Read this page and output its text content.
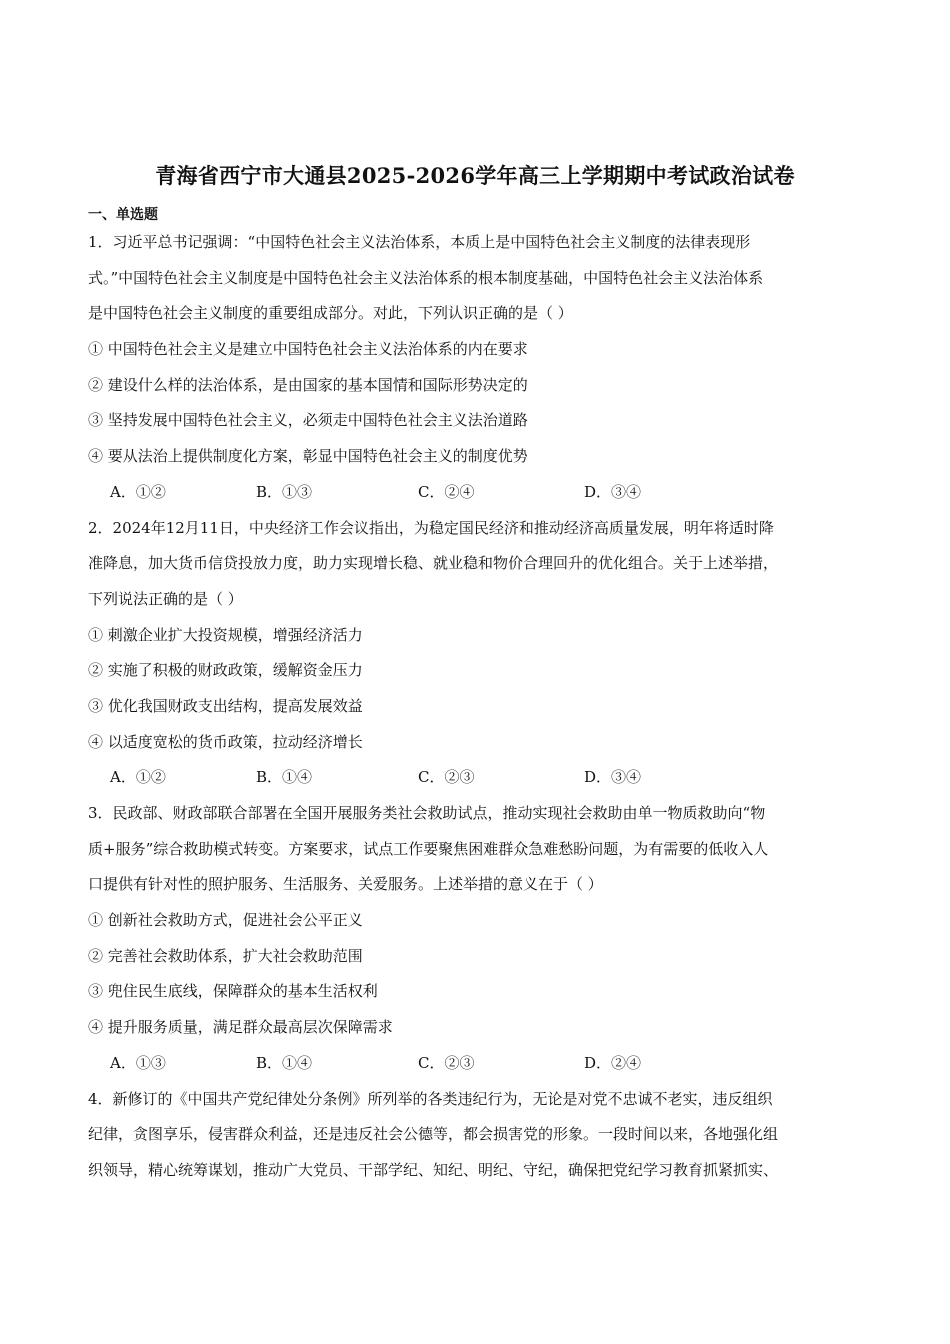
青海省西宁市大通县2025-2026学年高三上学期期中考试政治试卷
一、单选题
1．习近平总书记强调：“中国特色社会主义法治体系，本质上是中国特色社会主义制度的法律表现形
式。”中国特色社会主义制度是中国特色社会主义法治体系的根本制度基础，中国特色社会主义法治体系
是中国特色社会主义制度的重要组成部分。对此，下列认识正确的是（ ）
① 中国特色社会主义是建立中国特色社会主义法治体系的内在要求
② 建设什么样的法治体系，是由国家的基本国情和国际形势决定的
③ 坚持发展中国特色社会主义，必须走中国特色社会主义法治道路
④ 要从法治上提供制度化方案，彰显中国特色社会主义的制度优势
A．①②	B．①③	C．②④	D．③④
2．2024年12月11日，中央经济工作会议指出，为稳定国民经济和推动经济高质量发展，明年将适时降
准降息，加大货币信贷投放力度，助力实现增长稳、就业稳和物价合理回升的优化组合。关于上述举措，
下列说法正确的是（ ）
① 刺激企业扩大投资规模，增强经济活力
② 实施了积极的财政政策，缓解资金压力
③ 优化我国财政支出结构，提高发展效益
④ 以适度宽松的货币政策，拉动经济增长
A．①②	B．①④	C．②③	D．③④
3．民政部、财政部联合部署在全国开展服务类社会救助试点，推动实现社会救助由单一物质救助向“物
质+服务”综合救助模式转变。方案要求，试点工作要聚焦困难群众急难愁盼问题，为有需要的低收入人
口提供有针对性的照护服务、生活服务、关爱服务。上述举措的意义在于（ ）
① 创新社会救助方式，促进社会公平正义
② 完善社会救助体系，扩大社会救助范围
③ 兜住民生底线，保障群众的基本生活权利
④ 提升服务质量，满足群众最高层次保障需求
A．①③	B．①④	C．②③	D．②④
4．新修订的《中国共产党纪律处分条例》所列举的各类违纪行为，无论是对党不忠诚不老实，违反组织
纪律，贪图享乐，侵害群众利益，还是违反社会公德等，都会损害党的形象。一段时间以来，各地强化组
织领导，精心统筹谋划，推动广大党员、干部学纪、知纪、明纪、守纪，确保把党纪学习教育抓紧抓实、
